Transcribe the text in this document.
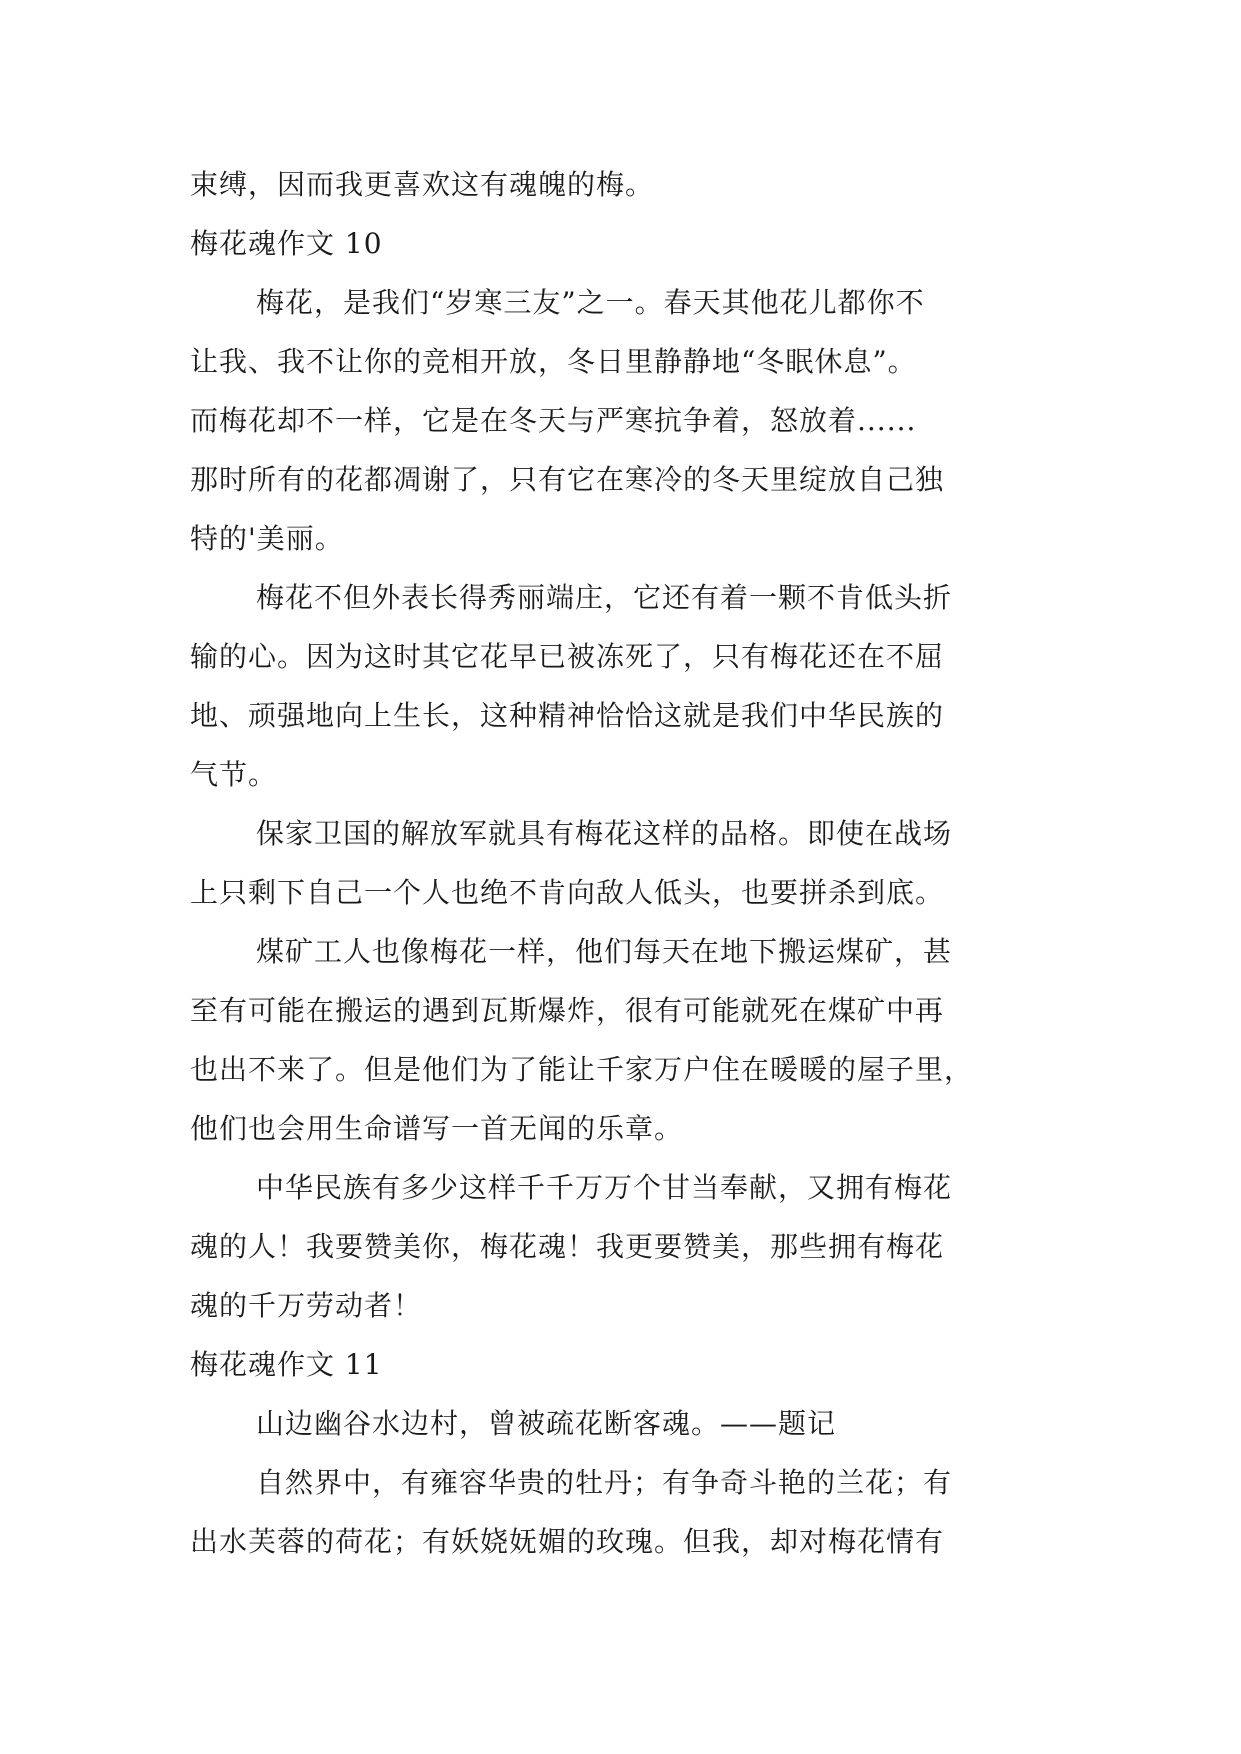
束缚，因而我更喜欢这有魂魄的梅。
梅花魂作文 10
梅花，是我们“岁寒三友”之一。春天其他花儿都你不
让我、我不让你的竞相开放，冬日里静静地“冬眠休息”。
而梅花却不一样，它是在冬天与严寒抗争着，怒放着......
那时所有的花都凋谢了，只有它在寒冷的冬天里绽放自己独
特的'美丽。
梅花不但外表长得秀丽端庄，它还有着一颗不肯低头折
输的心。因为这时其它花早已被冻死了，只有梅花还在不屈
地、顽强地向上生长，这种精神恰恰这就是我们中华民族的
气节。
保家卫国的解放军就具有梅花这样的品格。即使在战场
上只剩下自己一个人也绝不肯向敌人低头，也要拼杀到底。
煤矿工人也像梅花一样，他们每天在地下搬运煤矿，甚
至有可能在搬运的遇到瓦斯爆炸，很有可能就死在煤矿中再
也出不来了。但是他们为了能让千家万户住在暖暖的屋子里，
他们也会用生命谱写一首无闻的乐章。
中华民族有多少这样千千万万个甘当奉献，又拥有梅花
魂的人！我要赞美你，梅花魂！我更要赞美，那些拥有梅花
魂的千万劳动者！
梅花魂作文 11
山边幽谷水边村，曾被疏花断客魂。——题记
自然界中，有雍容华贵的牡丹；有争奇斗艳的兰花；有
出水芙蓉的荷花；有妖娆妩媚的玫瑰。但我，却对梅花情有
